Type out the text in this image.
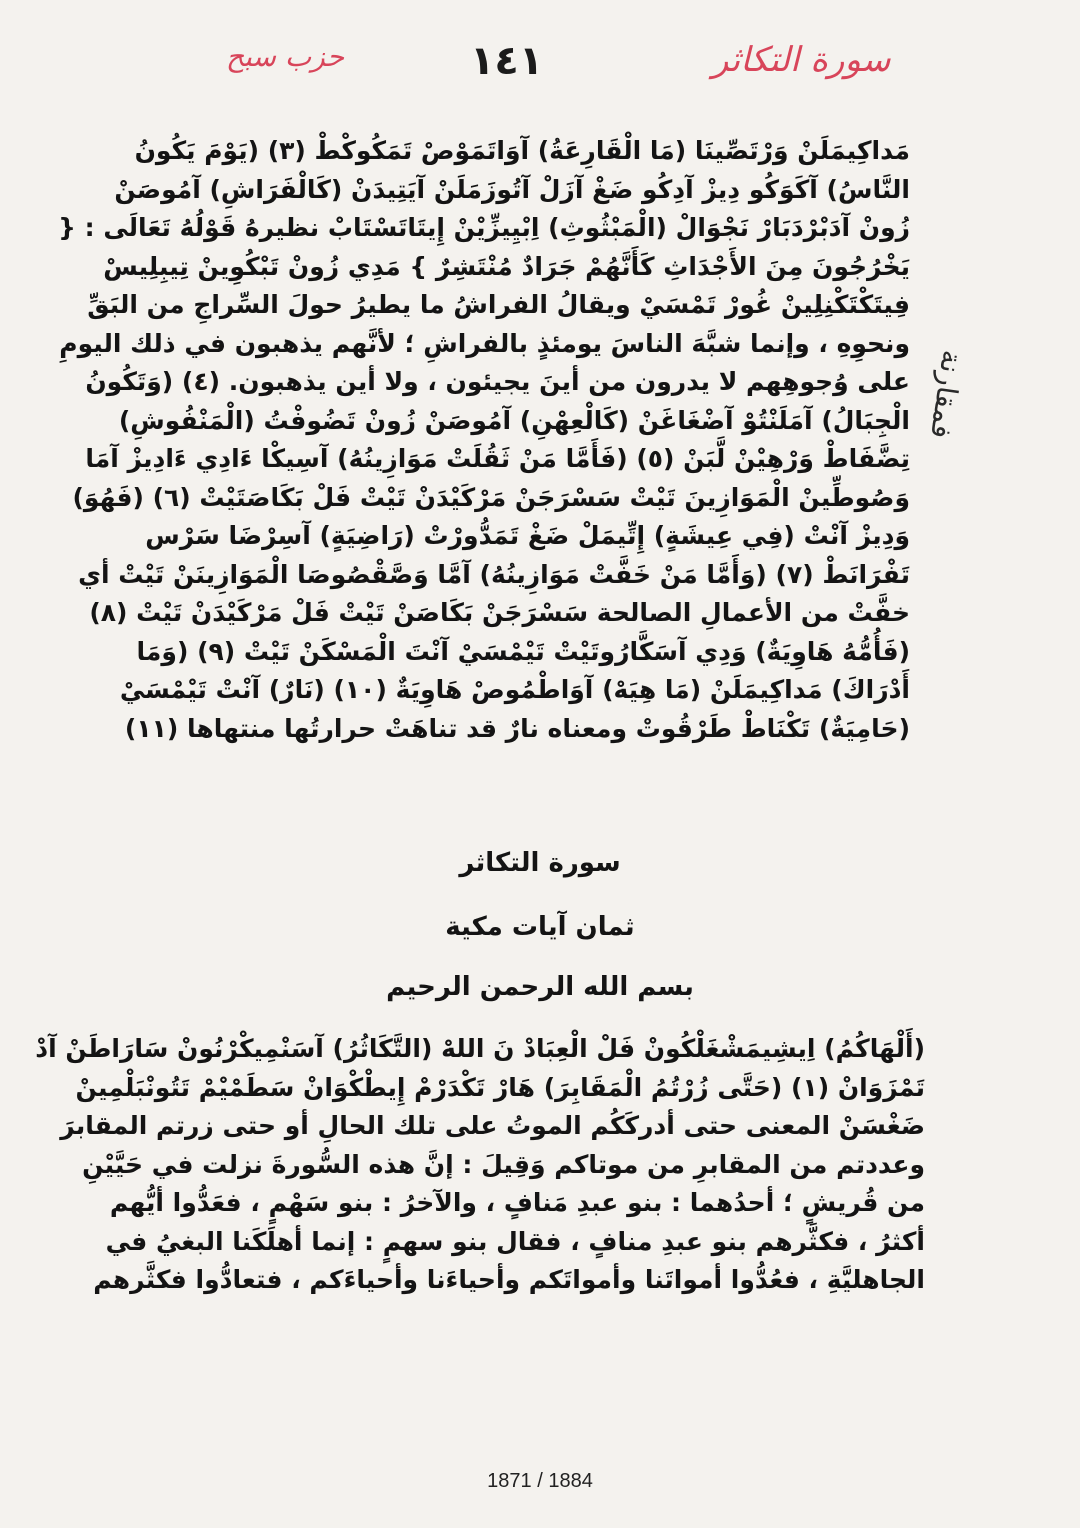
حزب سبح	١٤١	سورة التكاثر
فمقارنة
مَداكِيمَلَنْ وَرْتَصِّينَا (مَا الْقَارِعَةُ) آوَاتَمَوْصْ تَمَكُوكْطْ (٣) (يَوْمَ يَكُونُ
النَّاسُ) آكَوَكُو دِيزْ آدِكُو ضَغْ آزَلْ آتُوزَمَلَنْ آيَتِيدَنْ (كَالْفَرَاشِ) آمُوصَنْ
زُونْ آدَبْرْدَبَارْ نَجْوَالْ (الْمَبْثُوثِ) اِبْيِيزِّيْنْ إِيتَاتَسْتَابْ نظيرهُ قَوْلُهُ تَعَالَى : {
يَخْرُجُونَ مِنَ الأَجْدَاثِ كَأَنَّهُمْ جَرَادٌ مُنْتَشِرٌ } مَدِي زُونْ تَبْكُوِينْ تِيبِلِيسْ
فِيتَكْتَكْنِلِينْ غُورْ تَمْسَيْ ويقالُ الفراشُ ما يطيرُ حولَ السِّراجِ من البَقِّ
ونحوِهِ ، وإنما شبَّهَ الناسَ يومئذٍ بالفراشِ ؛ لأنَّهم يذهبون في ذلك اليومِ
على وُجوهِهم لا يدرون من أينَ يجيئون ، ولا أين يذهبون. (٤) (وَتَكُونُ
الْجِبَالُ) آمَلَنْتُوْ آضْغَاغَنْ (كَالْعِهْنِ) آمُوصَنْ زُونْ تَضُوفْتُ (الْمَنْفُوشِ)
تِضَّفَاطْ وَرْهِيْنْ لَّبَنْ (٥) (فَأَمَّا مَنْ ثَقُلَتْ مَوَازِينُهُ) آسِيكْا ءَادِي ءَادِيزْ آمَا
وَصُوطِّينْ الْمَوَازِينَ تَيْتْ سَسْرَجَنْ مَرْكَيْدَنْ تَيْتْ فَلْ بَكَاصَتَيْتْ (٦) (فَهُوَ)
وَدِيزْ آنْتْ (فِي عِيشَةٍ) إِتِّيمَلْ ضَغْ تَمَدُّورْتْ (رَاضِيَةٍ) آسِرْضَا سَرْس
تَفْرَانَطْ (٧) (وَأَمَّا مَنْ خَفَّتْ مَوَازِينُهُ) آمَّا وَصَّقْصُوصَا الْمَوَازِينَنْ تَيْتْ أي
خفَّتْ من الأعمالِ الصالحة سَسْرَجَنْ بَكَاصَنْ تَيْتْ فَلْ مَرْكَيْدَنْ تَيْتْ (٨)
(فَأُمُّهُ هَاوِيَةٌ) وَدِي آسَكَّارُوتَيْتْ تَيْمْسَيْ آنْتَ الْمَسْكَنْ تَيْتْ (٩) (وَمَا
أَدْرَاكَ) مَداكِيمَلَنْ (مَا هِيَهْ) آوَاطْمُوصْ هَاوِيَةٌ (١٠) (نَارٌ) آنْتْ تَيْمْسَيْ
(حَامِيَةٌ) تَكْنَاطْ طَرْقُوتْ ومعناه نارٌ قد تناهَتْ حرارتُها منتهاها (١١)
سورة التكاثر
ثمان آيات مكية
بسم الله الرحمن الرحيم
(أَلْهَاكُمُ) اِيشِيمَشْغَلْكُونْ فَلْ الْعِبَادْ نَ اللهْ (التَّكَاثُرُ) آسَنْمِيكْرْنُونْ سَارَاطَنْ آدْ
تَمْزَوَانْ (١) (حَتَّى زُرْتُمُ الْمَقَابِرَ) هَارْ تَكْدَرْمْ إِيطْكْوَانْ سَطَمْيْمْ تَتُونْبَلْمِينْ
ضَغْسَنْ المعنى حتى أدركَكُم الموتُ على تلك الحالِ أو حتى زرتم المقابرَ
وعددتم من المقابرِ من موتاكم وَقِيلَ : إنَّ هذه السُّورةَ نزلت في حَيَّيْنِ
من قُريشٍ ؛ أحدُهما : بنو عبدِ مَنافٍ ، والآخرُ : بنو سَهْمٍ ، فعَدُّوا أيُّهم
أكثرُ ، فكثَّرهم بنو عبدِ منافٍ ، فقال بنو سهمٍ : إنما أهلَكَنا البغيُ في
الجاهليَّةِ ، فعُدُّوا أمواتَنا وأمواتَكم وأحياءَنا وأحياءَكم ، فتعادُّوا فكثَّرهم
1871 / 1884
